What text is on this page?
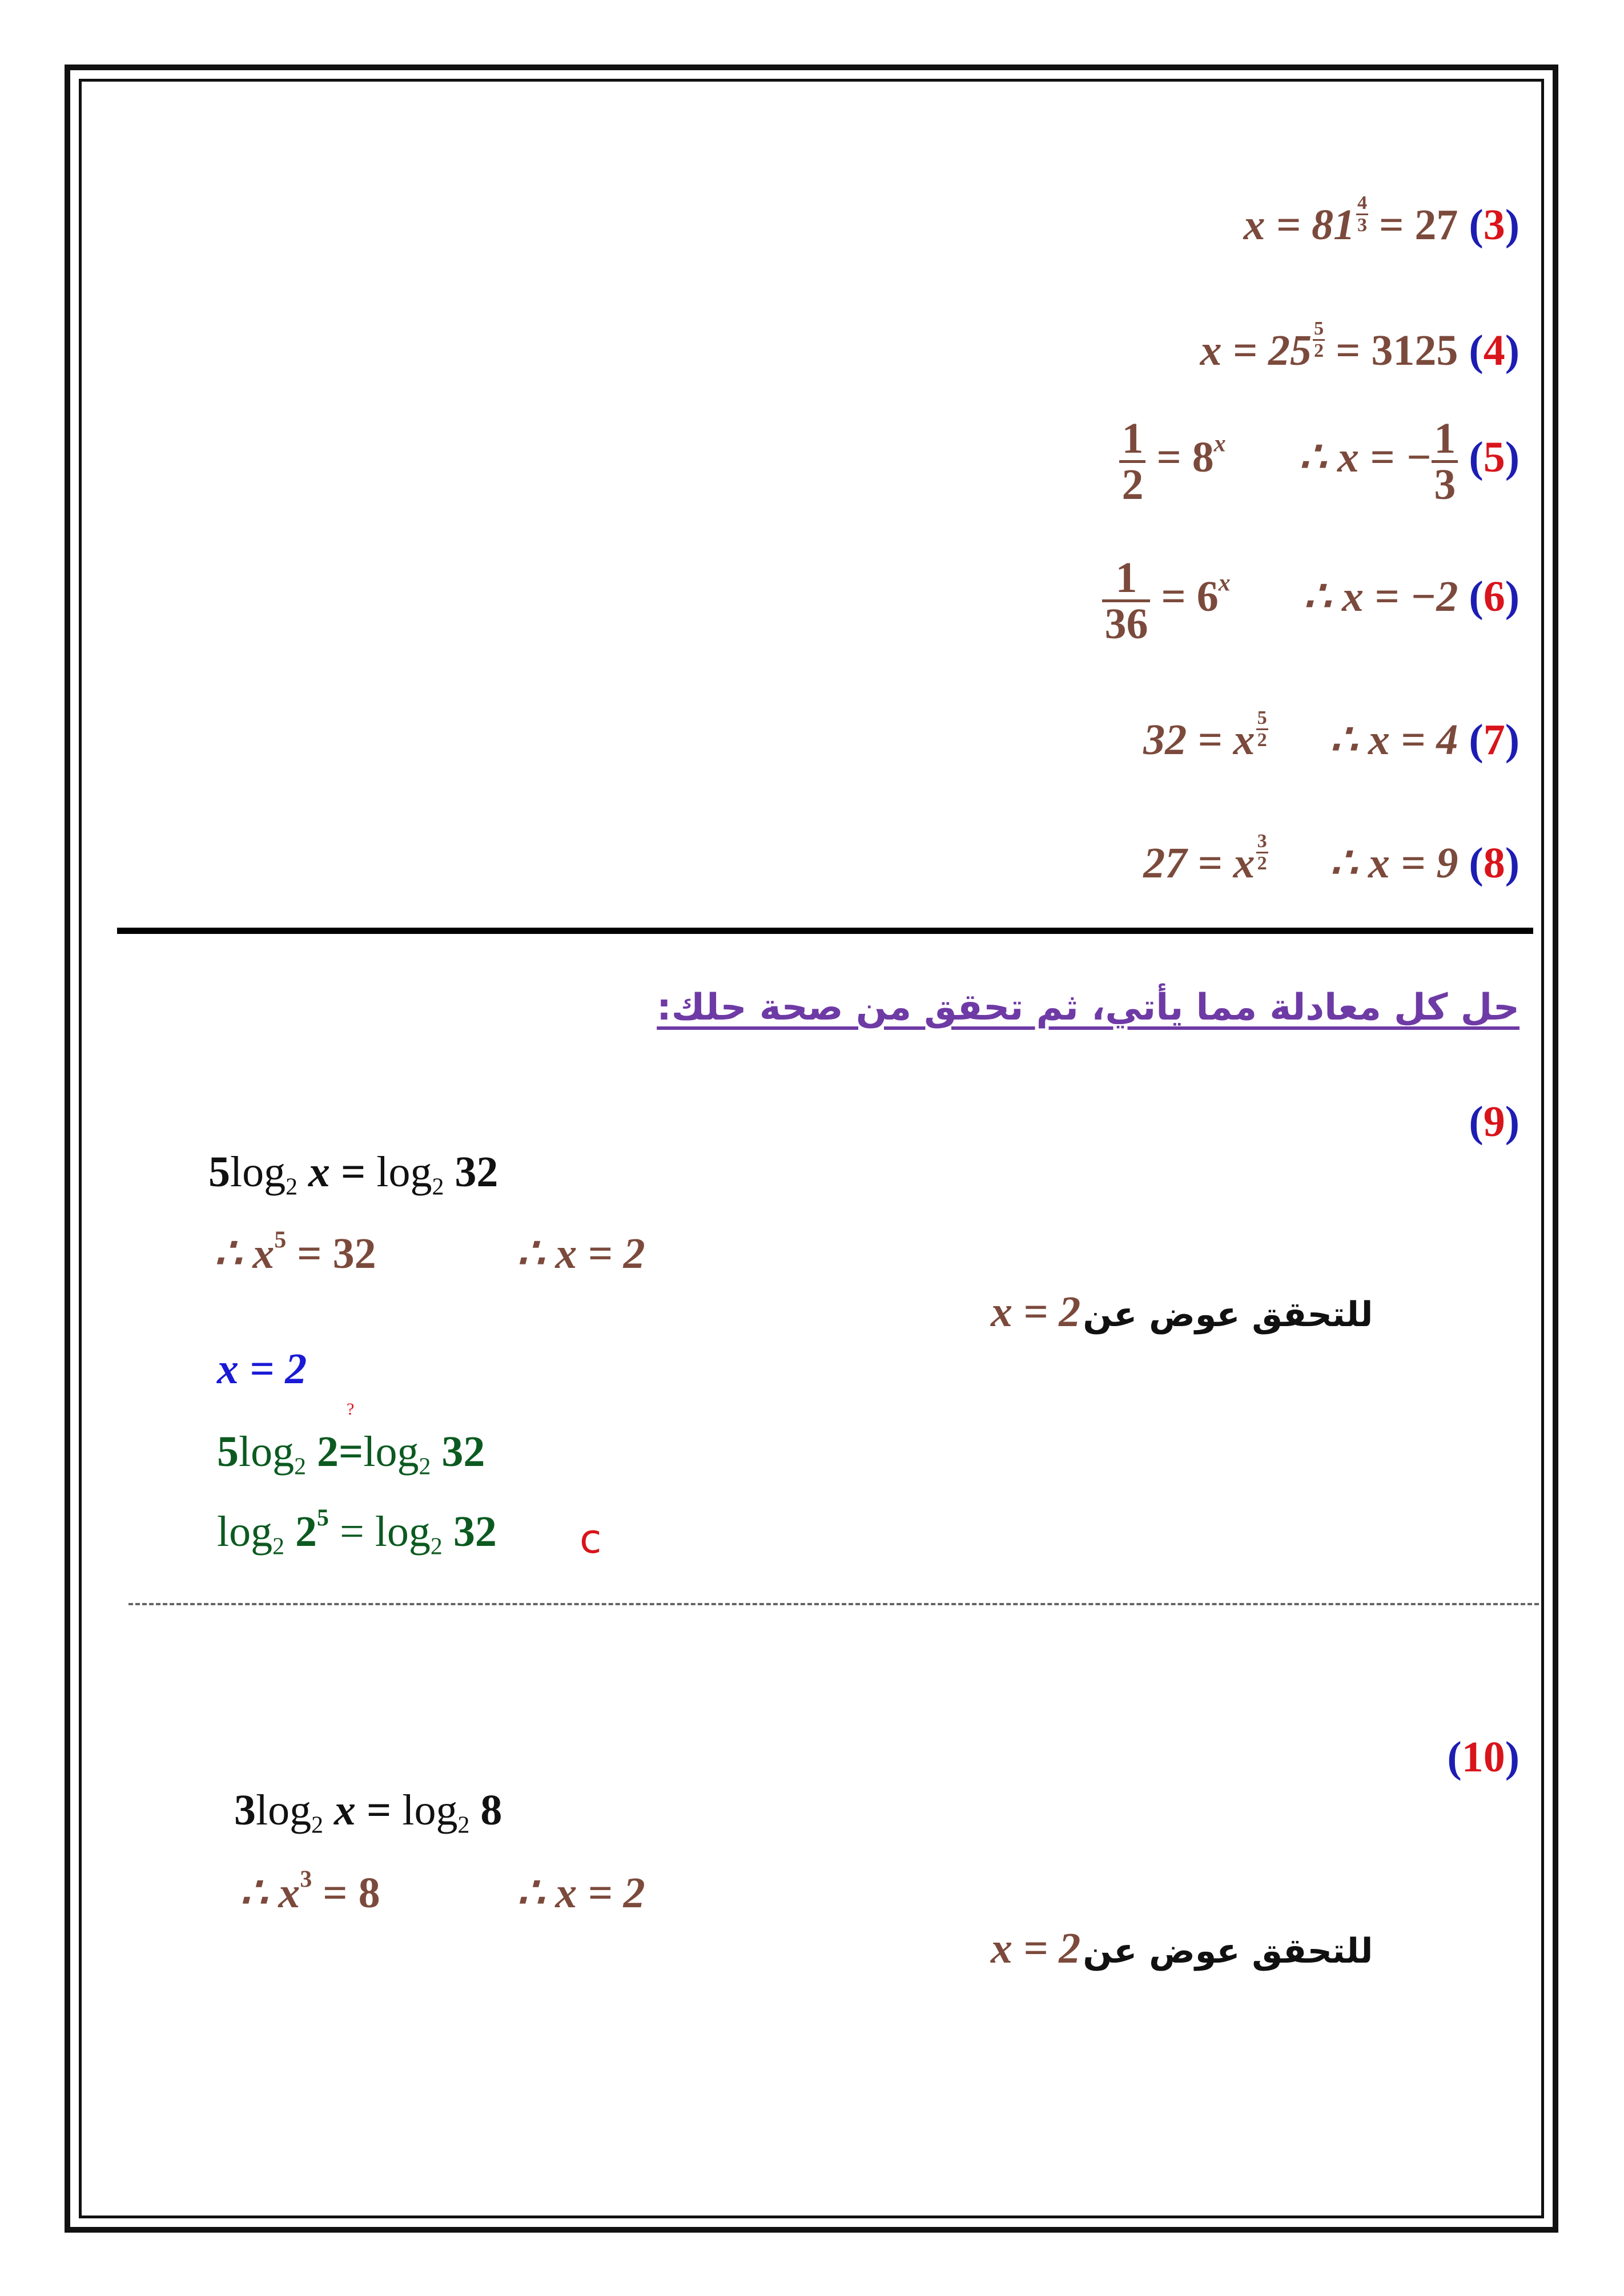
$x = 81 \frac{4}{3} = 27$ (3)
$x = 25 \frac{5}{2} = 3125$ (4)
$\frac{1}{2} = 8^x$ ∴ x = − $\frac{1}{3} (5)$
$\frac{1}{36} = 6^x$ ∴ x = −2 (6)
32 = x $\frac{5}{2}$ ∴ x = 4 (7)
27 = x $\frac{3}{2}$ ∴ x = 9 (8)
حل كل معادلة مما يأتي، ثم تحقق من صحة حلك:
(9)
$5\log_2$ $x = \log_2 32$
∴ $x^5 = 32$	∴ x = 2
x = 2 للتحقق عوض عن
x = 2
$5\log_2$ 2
?
$=\log_2$ 32
$\log_2 2^5 = \log_2 32$ c
(10)
$3\log_2$ $x = \log_2 8$
∴ $x^3 = 8$	∴ x = 2
x = 2 للتحقق عوض عن
